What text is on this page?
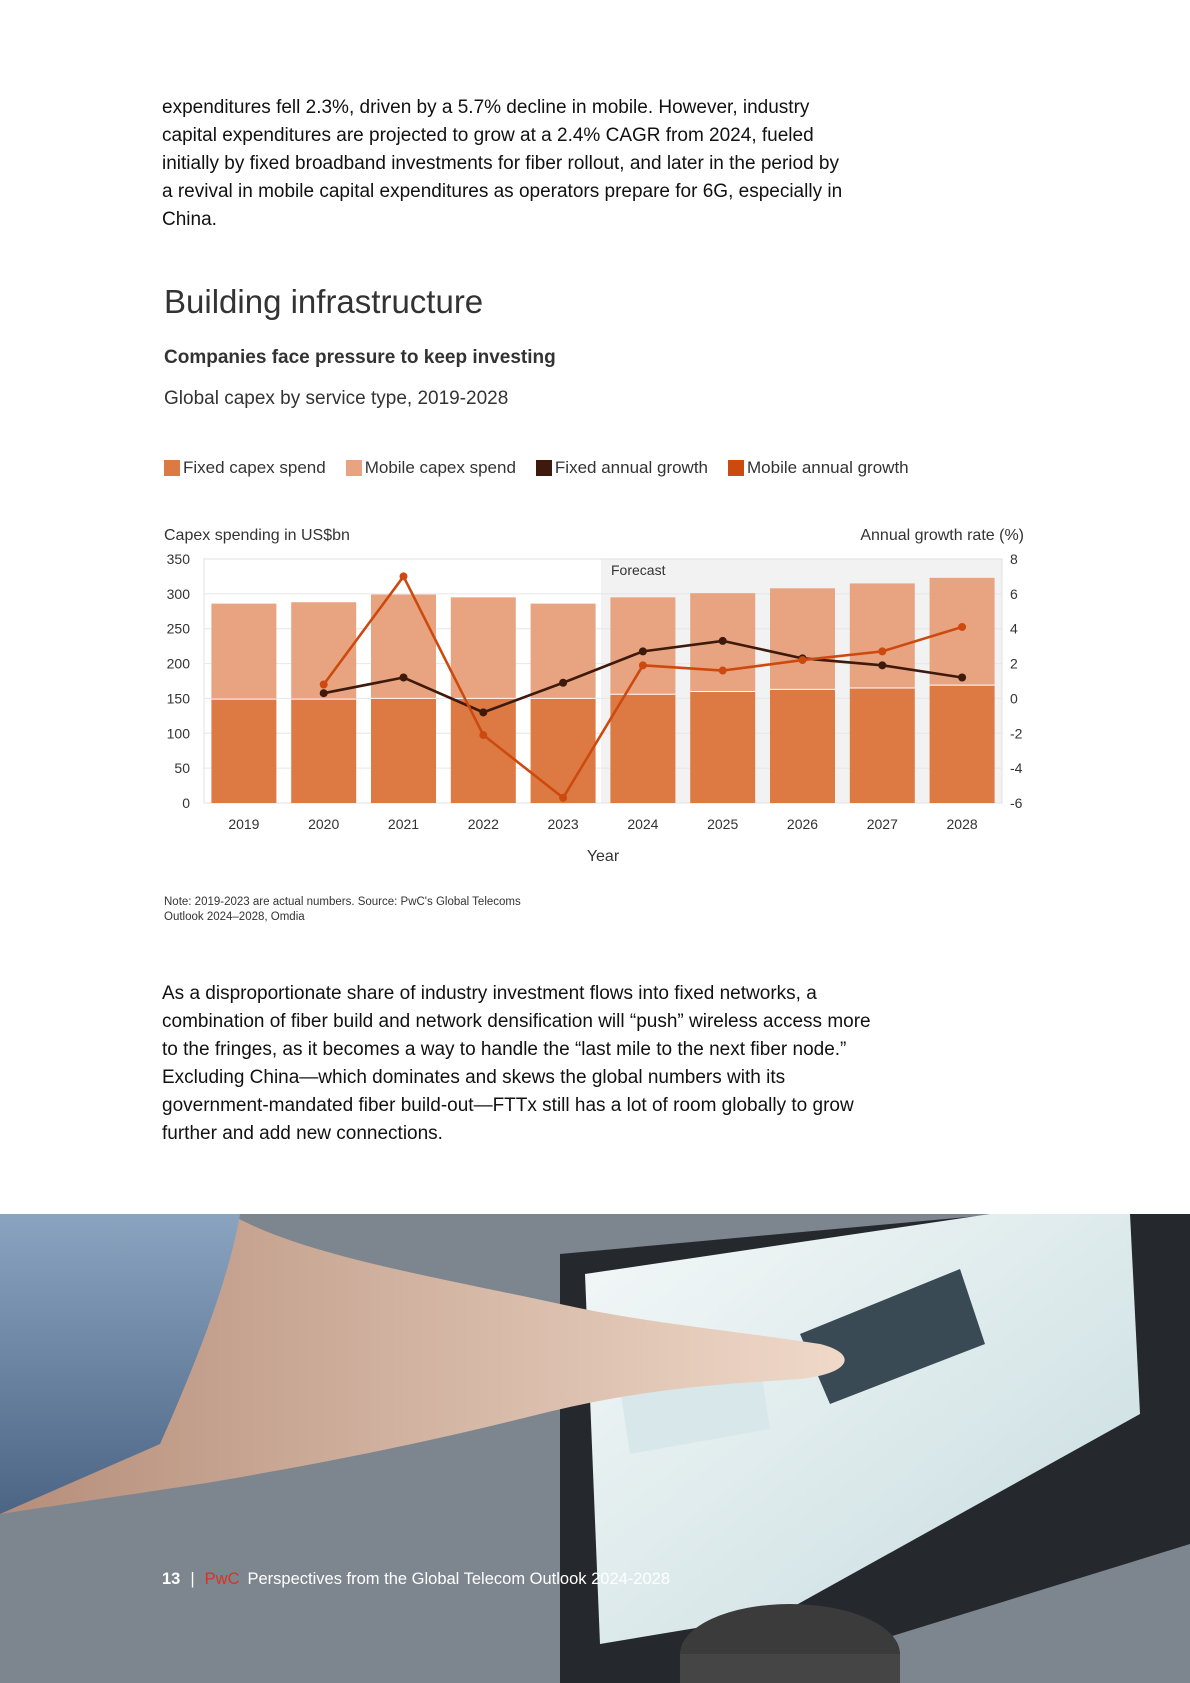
expenditures fell 2.3%, driven by a 5.7% decline in mobile. However, industry capital expenditures are projected to grow at a 2.4% CAGR from 2024, fueled initially by fixed broadband investments for fiber rollout, and later in the period by a revival in mobile capital expenditures as operators prepare for 6G, especially in China.

Building infrastructure
Companies face pressure to keep investing

Global capex by service type, 2019-2028

Fixed capex spend Mobile capex spend Fixed annual growth Mobile annual growth
Forecast
0
50
100
150
200
250
300
350
-6
-4
-2
0
2
4
6
8
2019	2020	2021	2022	2023	2024	2025	2026	2027	2028
Capex spending in US$bn	Annual growth rate (%)
Year
Note: 2019-2023 are actual numbers. Source: PwC's Global Telecoms Outlook 2024–2028, Omdia

As a disproportionate share of industry investment flows into fixed networks, a combination of fiber build and network densification will “push” wireless access more to the fringes, as it becomes a way to handle the “last mile to the next fiber node.” Excluding China—which dominates and skews the global numbers with its government-mandated fiber build-out—FTTx still has a lot of room globally to grow further and add new connections.

13 | PwC Perspectives from the Global Telecom Outlook 2024-2028
